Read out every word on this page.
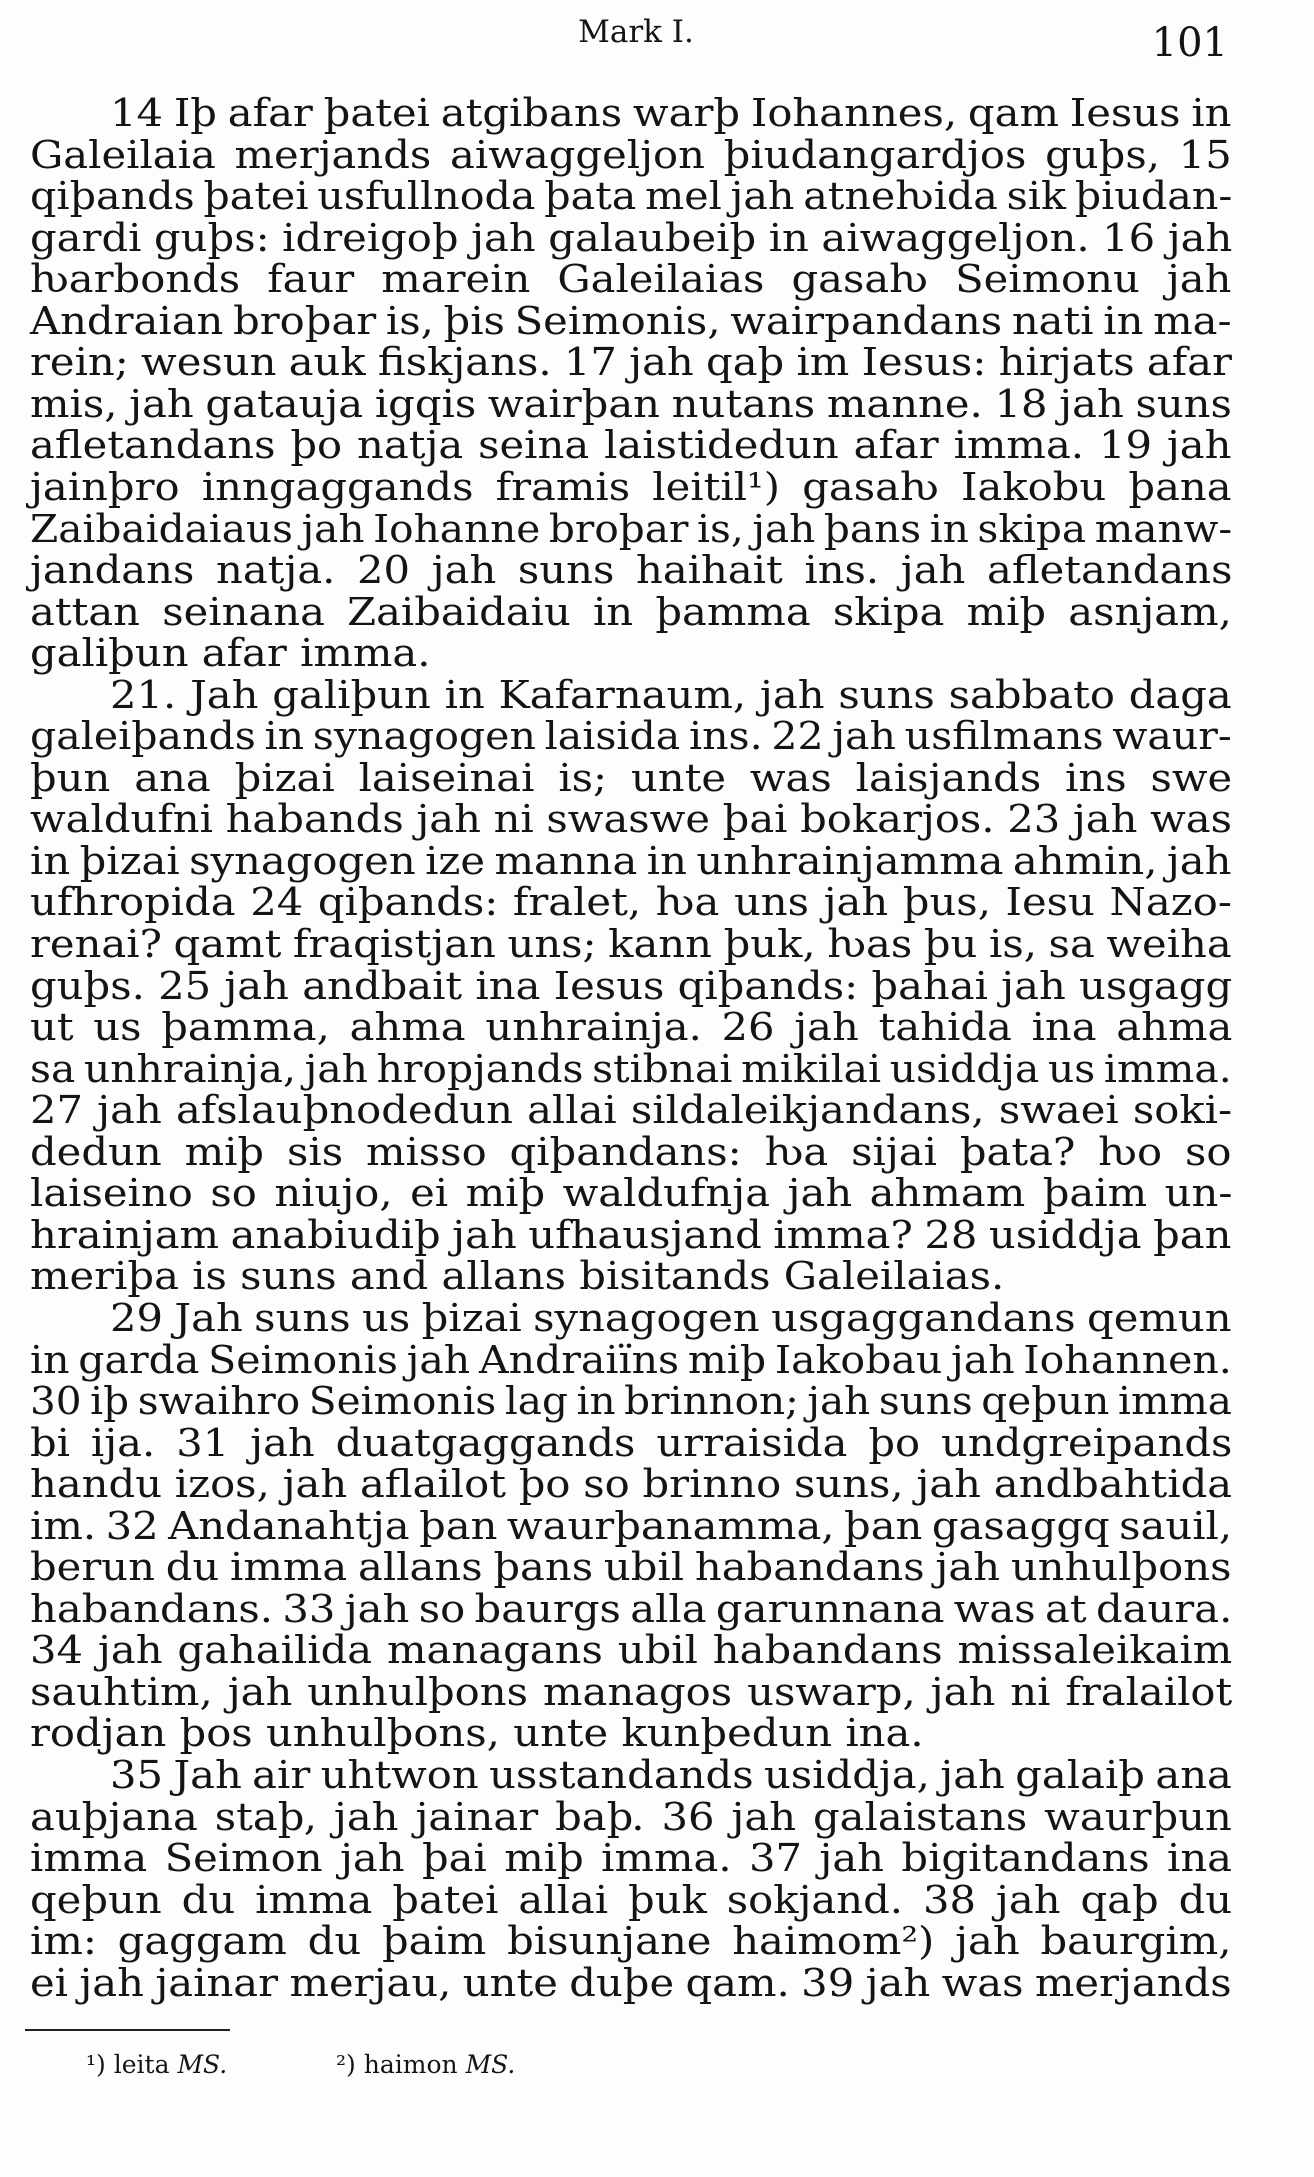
Mark I.	101
14 Iþ afar þatei atgibans warþ Iohannes, qam Iesus in
Galeilaia merjands aiwaggeljon þiudangardjos guþs, 15
qiþands þatei usfullnoda þata mel jah atneƕida sik þiudan-
gardi guþs: idreigoþ jah galaubeiþ in aiwaggeljon. 16 jah
ƕarbonds faur marein Galeilaias gasaƕ Seimonu jah
Andraian broþar is, þis Seimonis, wairpandans nati in ma-
rein; wesun auk fiskjans. 17 jah qaþ im Iesus: hirjats afar
mis, jah gatauja igqis wairþan nutans manne. 18 jah suns
afletandans þo natja seina laistidedun afar imma. 19 jah
jainþro inngaggands framis leitil¹) gasaƕ Iakobu þana
Zaibaidaiaus jah Iohanne broþar is, jah þans in skipa manw-
jandans natja. 20 jah suns haihait ins. jah afletandans
attan seinana Zaibaidaiu in þamma skipa miþ asnjam,
galiþun afar imma.
21. Jah galiþun in Kafarnaum, jah suns sabbato daga
galeiþands in synagogen laisida ins. 22 jah usfilmans waur-
þun ana þizai laiseinai is; unte was laisjands ins swe
waldufni habands jah ni swaswe þai bokarjos. 23 jah was
in þizai synagogen ize manna in unhrainjamma ahmin, jah
ufhropida 24 qiþands: fralet, ƕa uns jah þus, Iesu Nazo-
renai? qamt fraqistjan uns; kann þuk, ƕas þu is, sa weiha
guþs. 25 jah andbait ina Iesus qiþands: þahai jah usgagg
ut us þamma, ahma unhrainja. 26 jah tahida ina ahma
sa unhrainja, jah hropjands stibnai mikilai usiddja us imma.
27 jah afslauþnodedun allai sildaleikjandans, swaei soki-
dedun miþ sis misso qiþandans: ƕa sijai þata? ƕo so
laiseino so niujo, ei miþ waldufnja jah ahmam þaim un-
hrainjam anabiudiþ jah ufhausjand imma? 28 usiddja þan
meriþa is suns and allans bisitands Galeilaias.
29 Jah suns us þizai synagogen usgaggandans qemun
in garda Seimonis jah Andraiïns miþ Iakobau jah Iohannen.
30 iþ swaihro Seimonis lag in brinnon; jah suns qeþun imma
bi ija. 31 jah duatgaggands urraisida þo undgreipands
handu izos, jah aflailot þo so brinno suns, jah andbahtida
im. 32 Andanahtja þan waurþanamma, þan gasaggq sauil,
berun du imma allans þans ubil habandans jah unhulþons
habandans. 33 jah so baurgs alla garunnana was at daura.
34 jah gahailida managans ubil habandans missaleikaim
sauhtim, jah unhulþons managos uswarp, jah ni fralailot
rodjan þos unhulþons, unte kunþedun ina.
35 Jah air uhtwon usstandands usiddja, jah galaiþ ana
auþjana staþ, jah jainar baþ. 36 jah galaistans waurþun
imma Seimon jah þai miþ imma. 37 jah bigitandans ina
qeþun du imma þatei allai þuk sokjand. 38 jah qaþ du
im: gaggam du þaim bisunjane haimom²) jah baurgim,
ei jah jainar merjau, unte duþe qam. 39 jah was merjands
¹) leita MS.	²) haimon MS.
